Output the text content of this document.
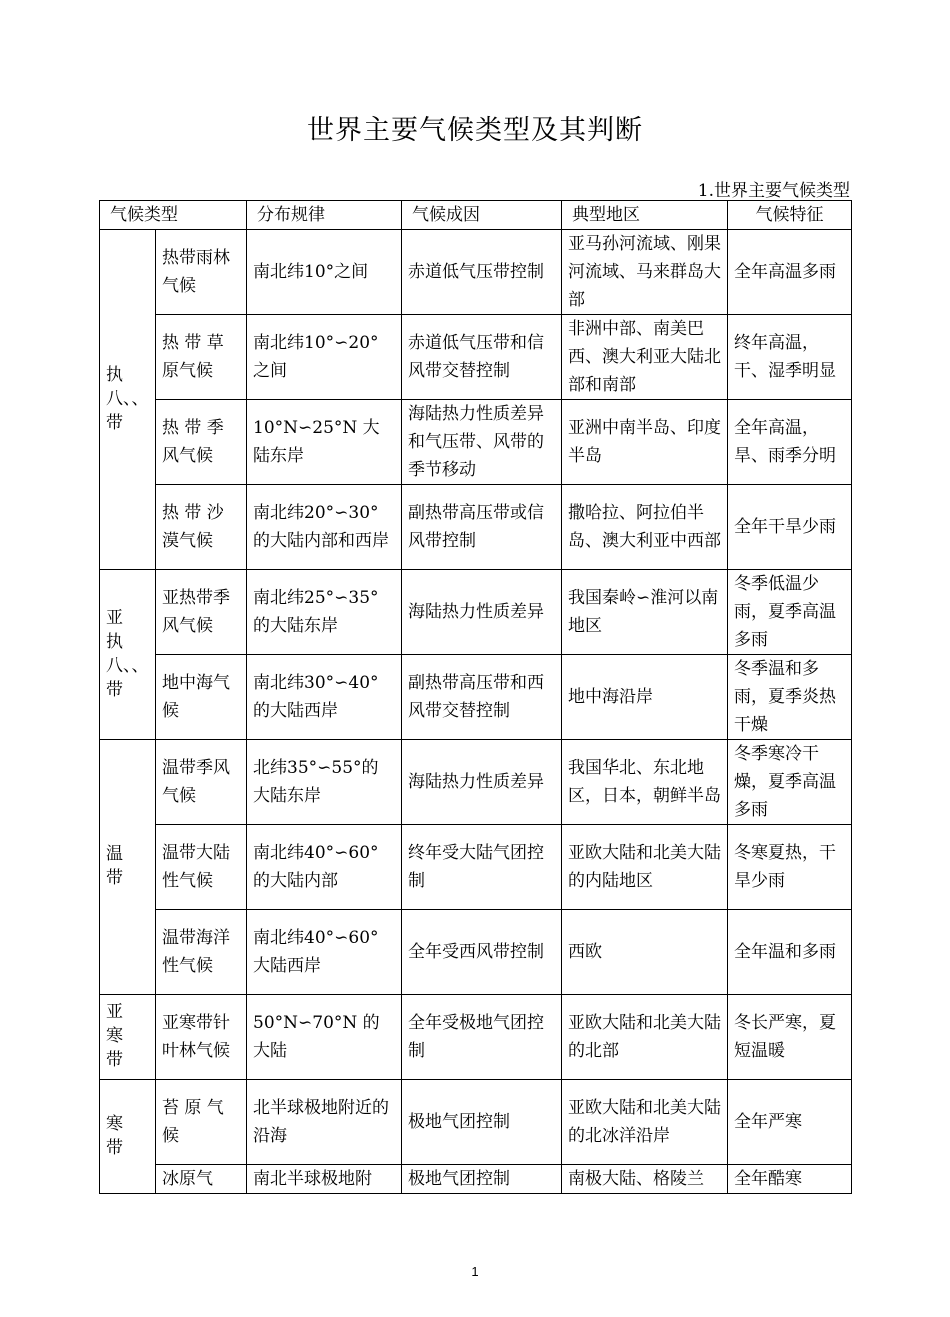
世界主要气候类型及其判断
1.世界主要气候类型
气候类型		分布规律	气候成因	典型地区	气候特征
执八、、带	热带雨林气候	南北纬10°之间	赤道低气压带控制	亚马孙河流域、刚果河流域、马来群岛大部	全年高温多雨
	热 带 草原气候	南北纬10°∽20°之间	赤道低气压带和信风带交替控制	非洲中部、南美巴西、澳大利亚大陆北部和南部	终年高温，干、湿季明显
	热 带 季风气候	10°N∽25°N 大陆东岸	海陆热力性质差异和气压带、风带的季节移动	亚洲中南半岛、印度半岛	全年高温，旱、雨季分明
	热 带 沙漠气候	南北纬20°∽30°的大陆内部和西岸	副热带高压带或信风带控制	撒哈拉、阿拉伯半岛、澳大利亚中西部	全年干旱少雨
亚执八、、带	亚热带季风气候	南北纬25°∽35°的大陆东岸	海陆热力性质差异	我国秦岭∽淮河以南地区	冬季低温少雨，夏季高温多雨
	地中海气候	南北纬30°∽40°的大陆西岸	副热带高压带和西风带交替控制	地中海沿岸	冬季温和多雨，夏季炎热干燥
温带	温带季风气候	北纬35°∽55°的大陆东岸	海陆热力性质差异	我国华北、东北地区，日本，朝鲜半岛	冬季寒冷干燥，夏季高温多雨
	温带大陆性气候	南北纬40°∽60°的大陆内部	终年受大陆气团控制	亚欧大陆和北美大陆的内陆地区	冬寒夏热，干旱少雨
	温带海洋性气候	南北纬40°∽60°大陆西岸	全年受西风带控制	西欧	全年温和多雨
亚寒带	亚寒带针叶林气候	50°N∽70°N 的大陆	全年受极地气团控制	亚欧大陆和北美大陆的北部	冬长严寒，夏短温暖
寒带	苔 原 气候	北半球极地附近的沿海	极地气团控制	亚欧大陆和北美大陆的北冰洋沿岸	全年严寒
	冰原气	南北半球极地附	极地气团控制	南极大陆、格陵兰	全年酷寒
1
